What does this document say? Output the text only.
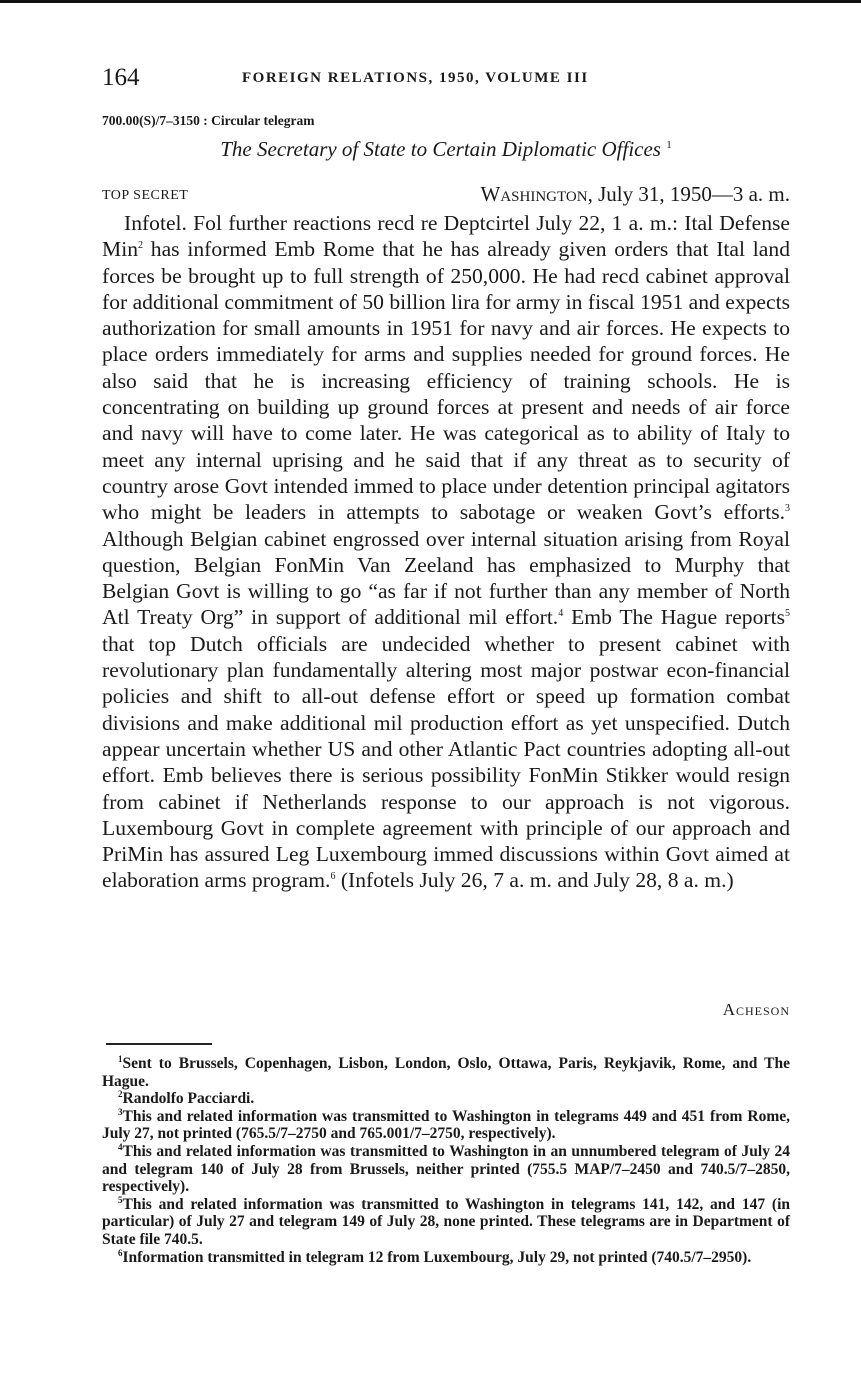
164	FOREIGN RELATIONS, 1950, VOLUME III
700.00(S)/7–3150 : Circular telegram
The Secretary of State to Certain Diplomatic Offices $^1$
TOP SECRET	Washington, July 31, 1950—3 a. m.

Infotel. Fol further reactions recd re Deptcirtel July 22, 1 a. m.: Ital Defense Min$^2$ has informed Emb Rome that he has already given orders that Ital land forces be brought up to full strength of 250,000. He had recd cabinet approval for additional commitment of 50 billion lira for army in fiscal 1951 and expects authorization for small amounts in 1951 for navy and air forces. He expects to place orders immediately for arms and supplies needed for ground forces. He also said that he is increasing efficiency of training schools. He is concentrating on building up ground forces at present and needs of air force and navy will have to come later. He was categorical as to ability of Italy to meet any internal uprising and he said that if any threat as to security of country arose Govt intended immed to place under detention principal agitators who might be leaders in attempts to sabotage or weaken Govt’s efforts.$^3$ Although Belgian cabinet engrossed over internal situation arising from Royal question, Belgian FonMin Van Zeeland has emphasized to Murphy that Belgian Govt is willing to go “as far if not further than any member of North Atl Treaty Org” in support of additional mil effort.$^4$ Emb The Hague reports$^5$ that top Dutch officials are undecided whether to present cabinet with revolutionary plan fundamentally altering most major postwar econ-financial policies and shift to all-out defense effort or speed up formation combat divisions and make additional mil production effort as yet unspecified. Dutch appear uncertain whether US and other Atlantic Pact countries adopting all-out effort. Emb believes there is serious possibility FonMin Stikker would resign from cabinet if Netherlands response to our approach is not vigorous. Luxembourg Govt in complete agreement with principle of our approach and PriMin has assured Leg Luxembourg immed discussions within Govt aimed at elaboration arms program.$^6$ (Infotels July 26, 7 a. m. and July 28, 8 a. m.)

Acheson

$^1$Sent to Brussels, Copenhagen, Lisbon, London, Oslo, Ottawa, Paris, Reykjavik, Rome, and The Hague.

$^2$Randolfo Pacciardi.

$^3$This and related information was transmitted to Washington in telegrams 449 and 451 from Rome, July 27, not printed (765.5/7–2750 and 765.001/7–2750, respectively).

$^4$This and related information was transmitted to Washington in an unnumbered telegram of July 24 and telegram 140 of July 28 from Brussels, neither printed (755.5 MAP/7–2450 and 740.5/7–2850, respectively).

$^5$This and related information was transmitted to Washington in telegrams 141, 142, and 147 (in particular) of July 27 and telegram 149 of July 28, none printed. These telegrams are in Department of State file 740.5.

$^6$Information transmitted in telegram 12 from Luxembourg, July 29, not printed (740.5/7–2950).
